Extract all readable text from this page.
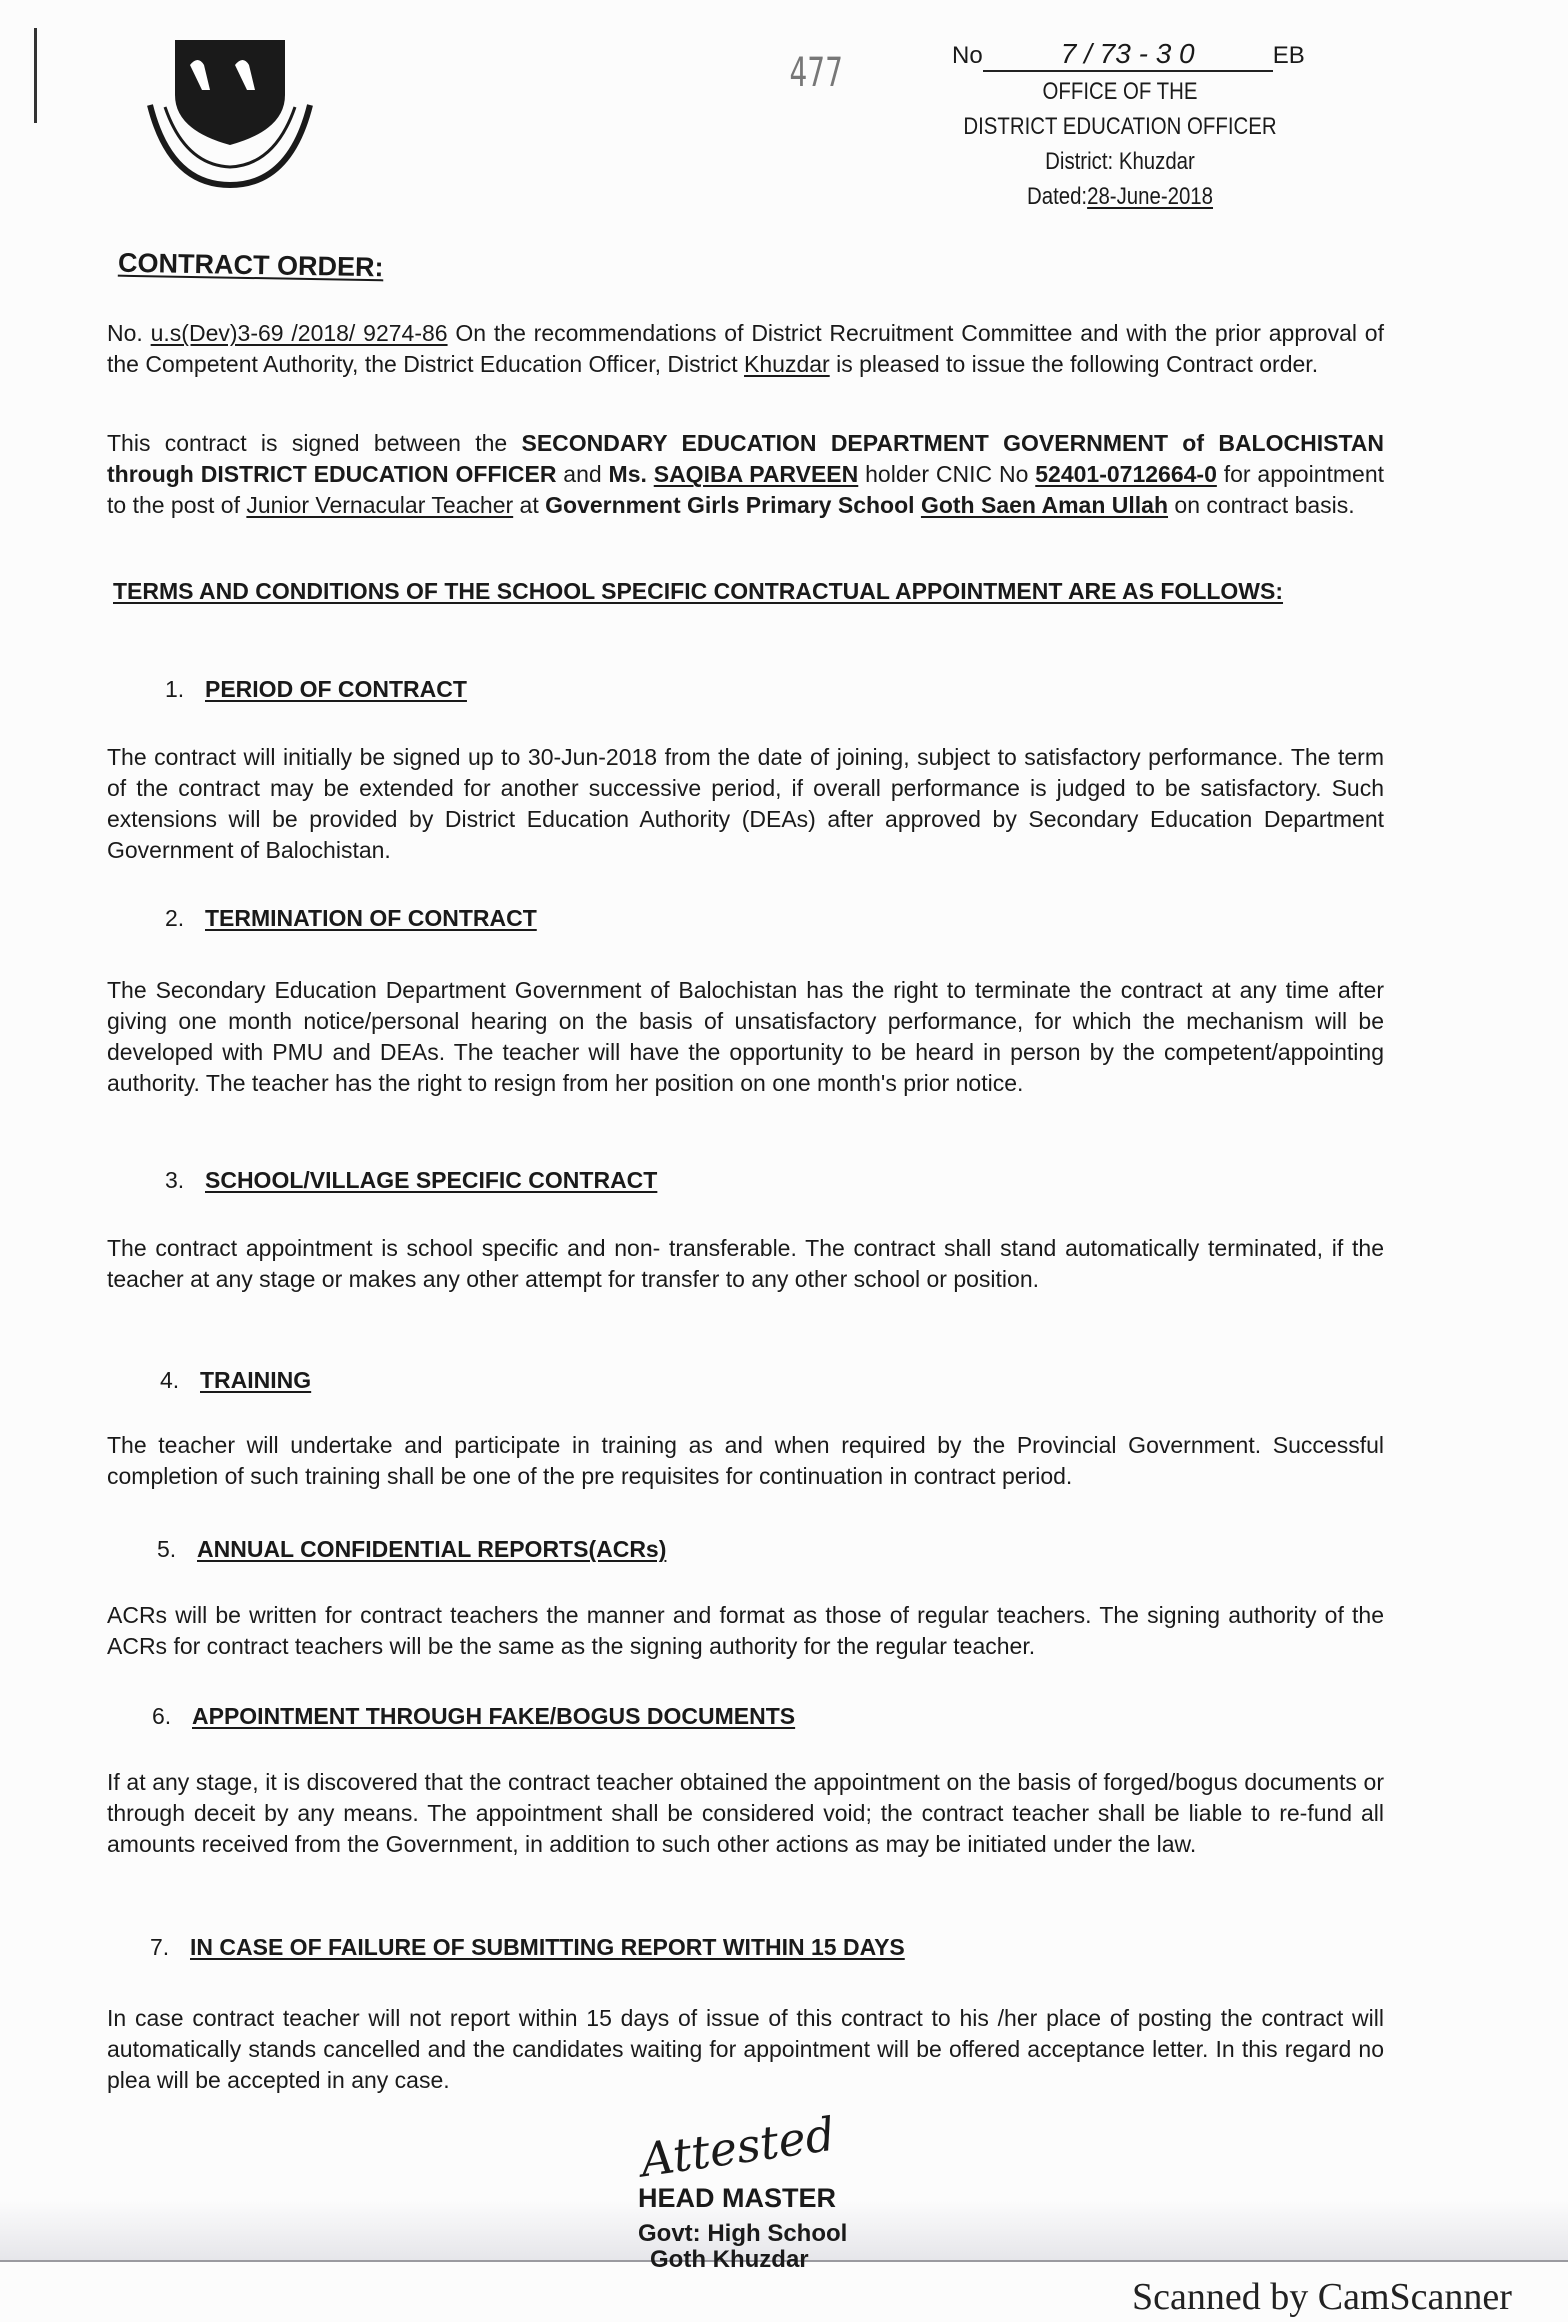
477	No	7 / 73 - 3 0	EB
OFFICE OF THE
DISTRICT EDUCATION OFFICER
District: Khuzdar
Dated:28-June-2018
CONTRACT ORDER:
No. u.s(Dev)3-69 /2018/ 9274-86 On the recommendations of District Recruitment Committee and with the prior approval of the Competent Authority, the District Education Officer, District Khuzdar is pleased to issue the following Contract order.
This contract is signed between the SECONDARY EDUCATION DEPARTMENT GOVERNMENT of BALOCHISTAN through DISTRICT EDUCATION OFFICER and Ms. SAQIBA PARVEEN holder CNIC No 52401-0712664-0 for appointment to the post of Junior Vernacular Teacher at Government Girls Primary School Goth Saen Aman Ullah on contract basis.
TERMS AND CONDITIONS OF THE SCHOOL SPECIFIC CONTRACTUAL APPOINTMENT ARE AS FOLLOWS:
1. PERIOD OF CONTRACT
The contract will initially be signed up to 30-Jun-2018 from the date of joining, subject to satisfactory performance. The term of the contract may be extended for another successive period, if overall performance is judged to be satisfactory. Such extensions will be provided by District Education Authority (DEAs) after approved by Secondary Education Department Government of Balochistan.
2. TERMINATION OF CONTRACT
The Secondary Education Department Government of Balochistan has the right to terminate the contract at any time after giving one month notice/personal hearing on the basis of unsatisfactory performance, for which the mechanism will be developed with PMU and DEAs. The teacher will have the opportunity to be heard in person by the competent/appointing authority. The teacher has the right to resign from her position on one month's prior notice.
3. SCHOOL/VILLAGE SPECIFIC CONTRACT
The contract appointment is school specific and non- transferable. The contract shall stand automatically terminated, if the teacher at any stage or makes any other attempt for transfer to any other school or position.
4. TRAINING
The teacher will undertake and participate in training as and when required by the Provincial Government. Successful completion of such training shall be one of the pre requisites for continuation in contract period.
5. ANNUAL CONFIDENTIAL REPORTS(ACRs)
ACRs will be written for contract teachers the manner and format as those of regular teachers. The signing authority of the ACRs for contract teachers will be the same as the signing authority for the regular teacher.
6. APPOINTMENT THROUGH FAKE/BOGUS DOCUMENTS
If at any stage, it is discovered that the contract teacher obtained the appointment on the basis of forged/bogus documents or through deceit by any means. The appointment shall be considered void; the contract teacher shall be liable to re-fund all amounts received from the Government, in addition to such other actions as may be initiated under the law.
7. IN CASE OF FAILURE OF SUBMITTING REPORT WITHIN 15 DAYS
In case contract teacher will not report within 15 days of issue of this contract to his /her place of posting the contract will automatically stands cancelled and the candidates waiting for appointment will be offered acceptance letter. In this regard no plea will be accepted in any case.
Attested
HEAD MASTER
Govt: High School
Goth Khuzdar
Scanned by CamScanner
